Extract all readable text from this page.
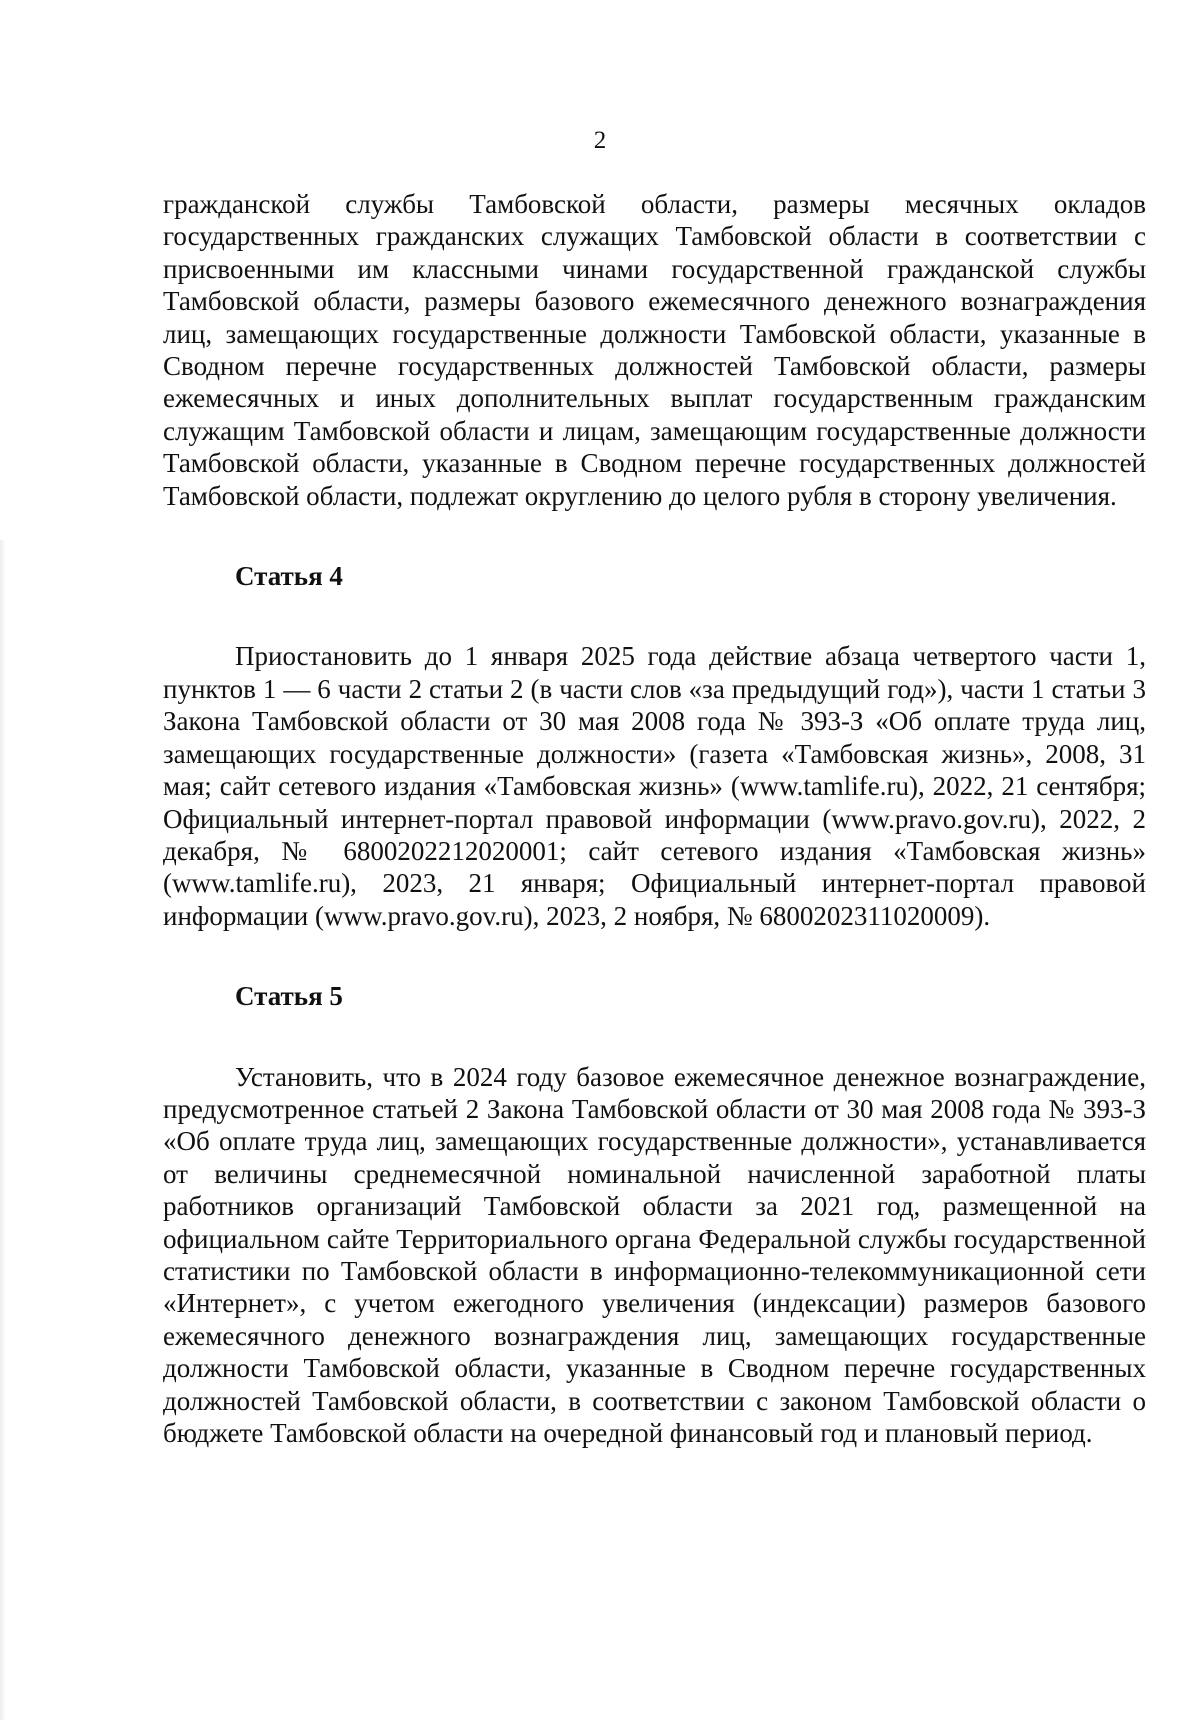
2

гражданской службы Тамбовской области, размеры месячных окладов государственных гражданских служащих Тамбовской области в соответствии с присвоенными им классными чинами государственной гражданской службы Тамбовской области, размеры базового ежемесячного денежного вознаграждения лиц, замещающих государственные должности Тамбовской области, указанные в Сводном перечне государственных должностей Тамбовской области, размеры ежемесячных и иных дополнительных выплат государственным гражданским служащим Тамбовской области и лицам, замещающим государственные должности Тамбовской области, указанные в Сводном перечне государственных должностей Тамбовской области, подлежат округлению до целого рубля в сторону увеличения.

Статья 4

Приостановить до 1 января 2025 года действие абзаца четвертого части 1, пунктов 1 — 6 части 2 статьи 2 (в части слов «за предыдущий год»), части 1 статьи 3 Закона Тамбовской области от 30 мая 2008 года № 393-З «Об оплате труда лиц, замещающих государственные должности» (газета «Тамбовская жизнь», 2008, 31 мая; сайт сетевого издания «Тамбовская жизнь» (www.tamlife.ru), 2022, 21 сентября; Официальный интернет-портал правовой информации (www.pravo.gov.ru), 2022, 2 декабря, № 6800202212020001; сайт сетевого издания «Тамбовская жизнь» (www.tamlife.ru), 2023, 21 января; Официальный интернет-портал правовой информации (www.pravo.gov.ru), 2023, 2 ноября, № 6800202311020009).

Статья 5

Установить, что в 2024 году базовое ежемесячное денежное вознаграждение, предусмотренное статьей 2 Закона Тамбовской области от 30 мая 2008 года № 393-З «Об оплате труда лиц, замещающих государственные должности», устанавливается от величины среднемесячной номинальной начисленной заработной платы работников организаций Тамбовской области за 2021 год, размещенной на официальном сайте Территориального органа Федеральной службы государственной статистики по Тамбовской области в информационно-телекоммуникационной сети «Интернет», с учетом ежегодного увеличения (индексации) размеров базового ежемесячного денежного вознаграждения лиц, замещающих государственные должности Тамбовской области, указанные в Сводном перечне государственных должностей Тамбовской области, в соответствии с законом Тамбовской области о бюджете Тамбовской области на очередной финансовый год и плановый период.
